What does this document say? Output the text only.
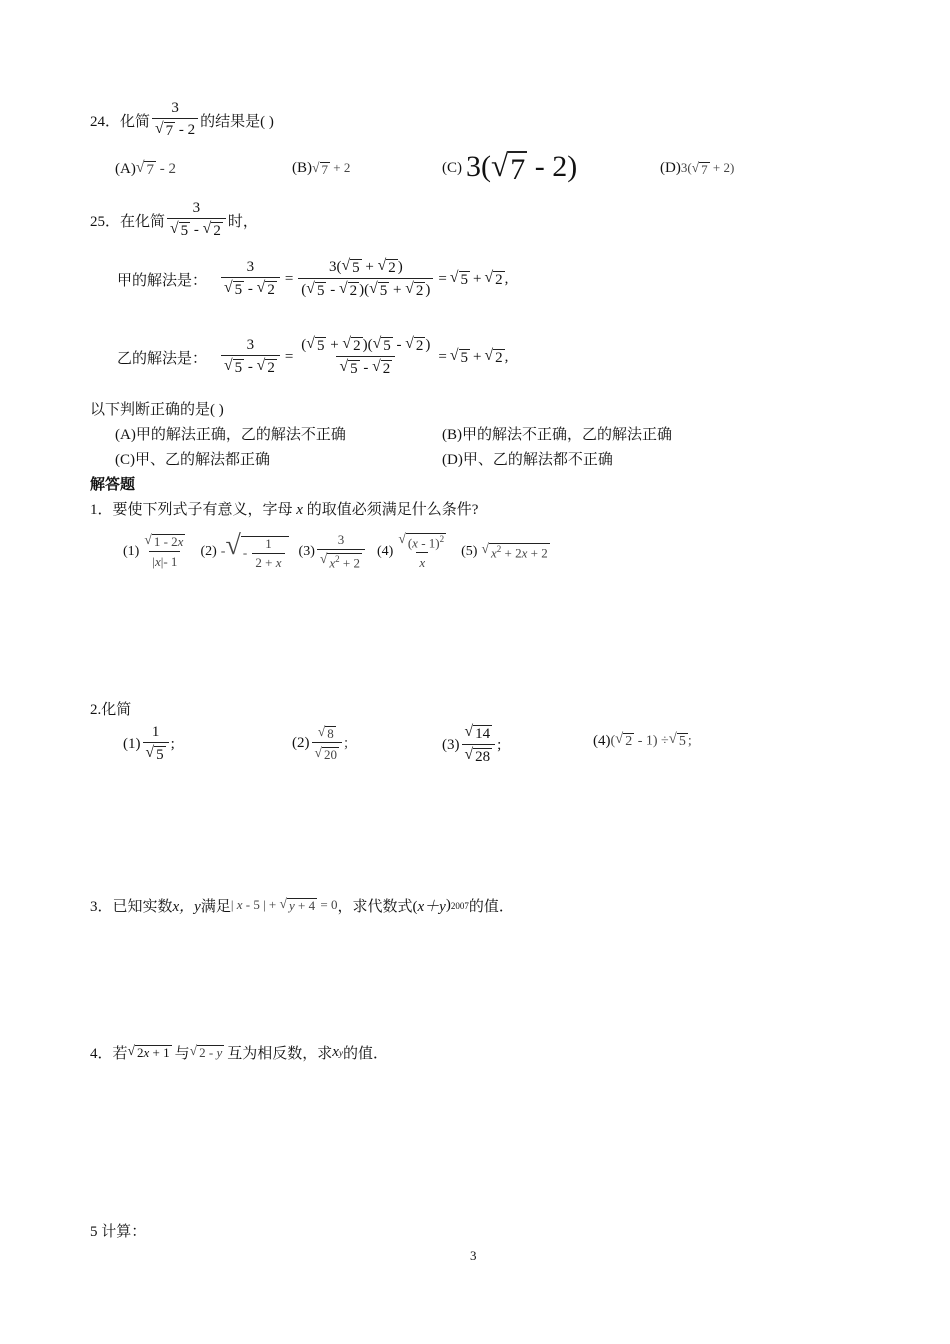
24．化简 $\frac{3}{√ 7 - 2}$ 的结果是( )
(A) √ 7 - 2	(B) √ 7 + 2	(C) 3( √ 7 - 2)	(D) 3( √ 7 + 2)
25．在化简 $\frac{3}{√ 5 - √ 2}$ 时，
甲的解法是： $\frac{3}{√ 5 - √ 2} = \frac{3( √ 5 + √ 2 )}{( √ 5 - √ 2 )( √ 5 + √ 2 )}$ = √ 5 + √ 2 ,
乙的解法是： $\frac{3}{√ 5 - √ 2} = \frac{( √ 5 + √ 2 )( √ 5 - √ 2 )}{√ 5 - √ 2}$ = √ 5 + √ 2 ,
以下判断正确的是( )
(A)甲的解法正确，乙的解法不正确	(B)甲的解法不正确，乙的解法正确
(C)甲、乙的解法都正确	(D)甲、乙的解法都不正确
解答题
1．要使下列式子有意义，字母 x 的取值必须满足什么条件?
$(1) \frac{√ 1 - 2x}{|x|- 1} (2)$ - √ - $\frac{1}{2 + x} (3) \frac{3}{√ x^2 + 2} (4) \frac{√ (x - 1)^2}{x} (5)$ √ $x^2 + 2x + 2$
2.化简
$(1) \frac{1}{√ 5}$ ;	$(2) \frac{√ 8}{√ 20}$ ;	$(3) \frac{√ 14}{√ 28}$ ;	(4) ( √ 2 - 1) ÷ √ 5 ;
3．已知实数 x，y 满足 | x - 5 | + √ y + 4 = 0 ，求代数式( x＋y ) 2007 的值．
4．若 √ 2x + 1 与 √ 2 - y 互为相反数，求 x y 的值．
5 计算：
3
